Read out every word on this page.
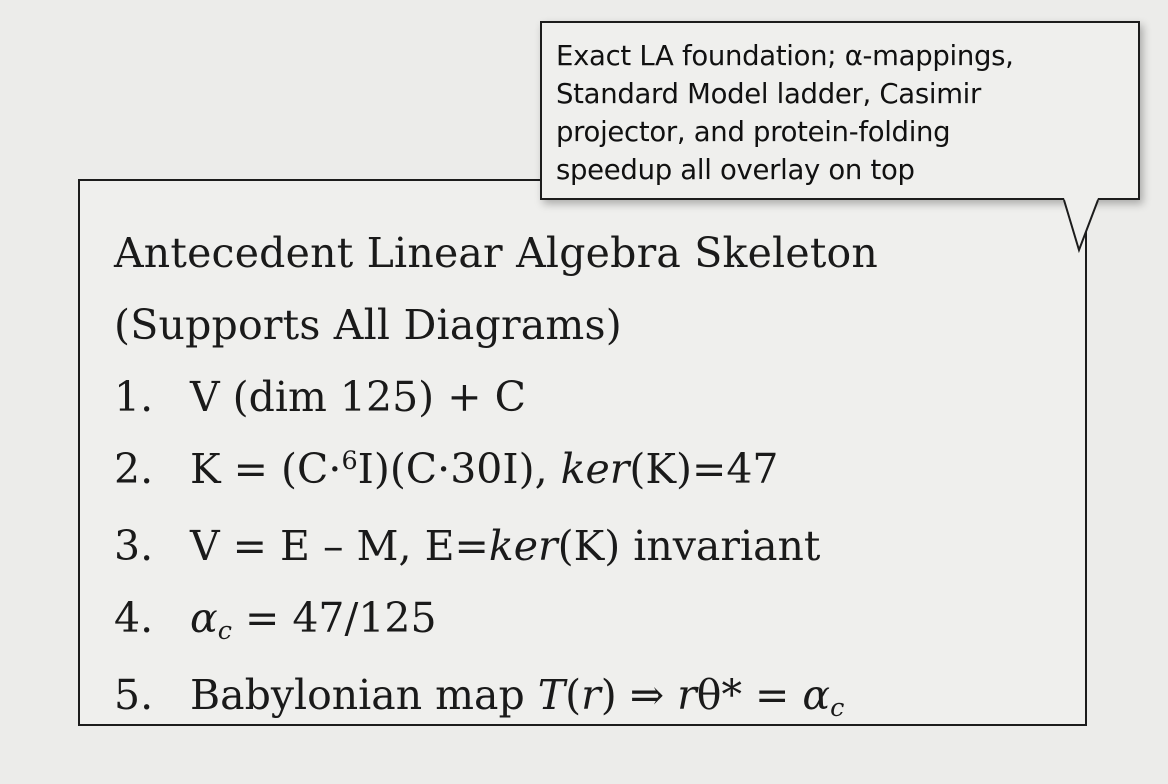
Antecedent Linear Algebra Skeleton
(Supports All Diagrams)
1. V (dim 125) + C
2. K = (C·$^6$I)(C·30I), ker(K)=47
3. V = E – M, E=ker(K) invariant
4. αc = 47/125
5. Babylonian map T(r) ⇒ rθ* = αc
Exact LA foundation; α-mappings,
Standard Model ladder, Casimir
projector, and protein-folding
speedup all overlay on top
